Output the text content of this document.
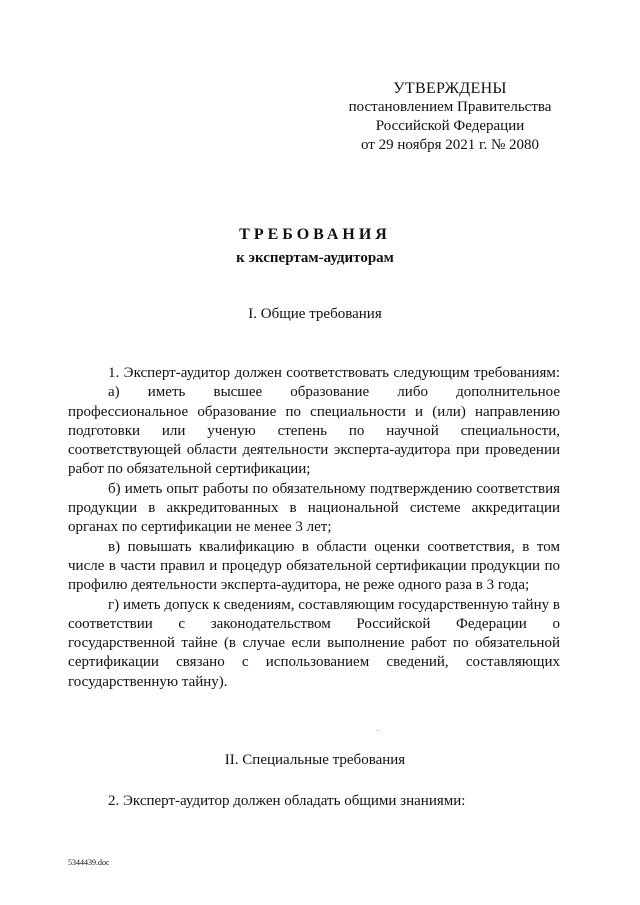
УТВЕРЖДЕНЫ
постановлением Правительства
Российской Федерации
от 29 ноября 2021 г. № 2080
ТРЕБОВАНИЯ
к экспертам-аудиторам
I. Общие требования

1. Эксперт-аудитор должен соответствовать следующим требованиям:

а) иметь высшее образование либо дополнительное профессиональное образование по специальности и (или) направлению подготовки или ученую степень по научной специальности, соответствующей области деятельности эксперта-аудитора при проведении работ по обязательной сертификации;

б) иметь опыт работы по обязательному подтверждению соответствия продукции в аккредитованных в национальной системе аккредитации органах по сертификации не менее 3 лет;

в) повышать квалификацию в области оценки соответствия, в том числе в части правил и процедур обязательной сертификации продукции по профилю деятельности эксперта-аудитора, не реже одного раза в 3 года;

г) иметь допуск к сведениям, составляющим государственную тайну в соответствии с законодательством Российской Федерации о государственной тайне (в случае если выполнение работ по обязательной сертификации связано с использованием сведений, составляющих государственную тайну).

II. Специальные требования
2. Эксперт-аудитор должен обладать общими знаниями:
5344439.doc
